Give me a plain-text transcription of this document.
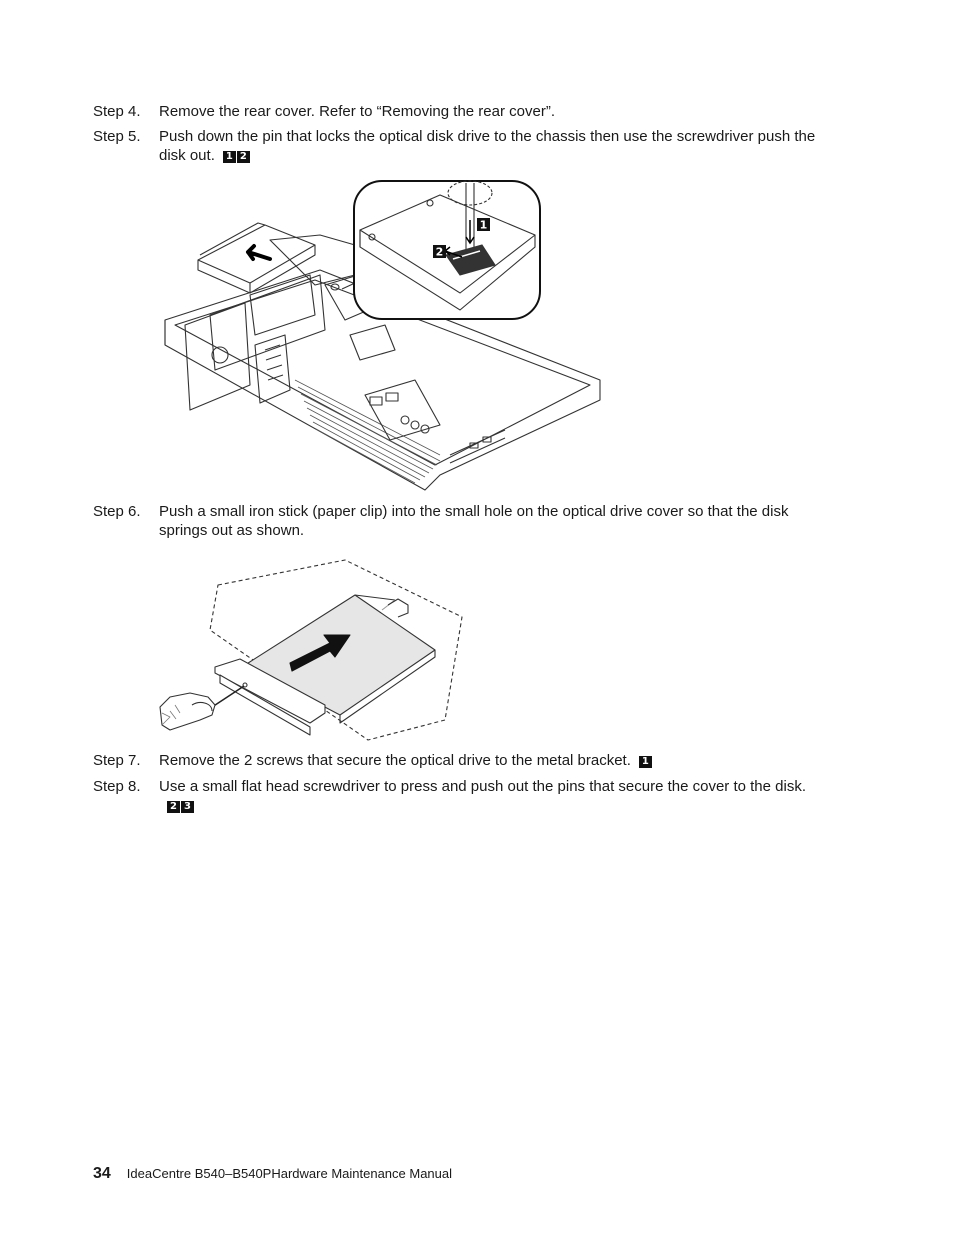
Step 4.	Remove the rear cover. Refer to “Removing the rear cover”.
Step 5.	Push down the pin that locks the optical disk drive to the chassis then use the screwdriver push the disk out. 1 2
1
2
Step 6.	Push a small iron stick (paper clip) into the small hole on the optical drive cover so that the disk springs out as shown.
Step 7.	Remove the 2 screws that secure the optical drive to the metal bracket. 1
Step 8.	Use a small flat head screwdriver to press and push out the pins that secure the cover to the disk.2 3
34 IdeaCentre B540–B540PHardware Maintenance Manual
